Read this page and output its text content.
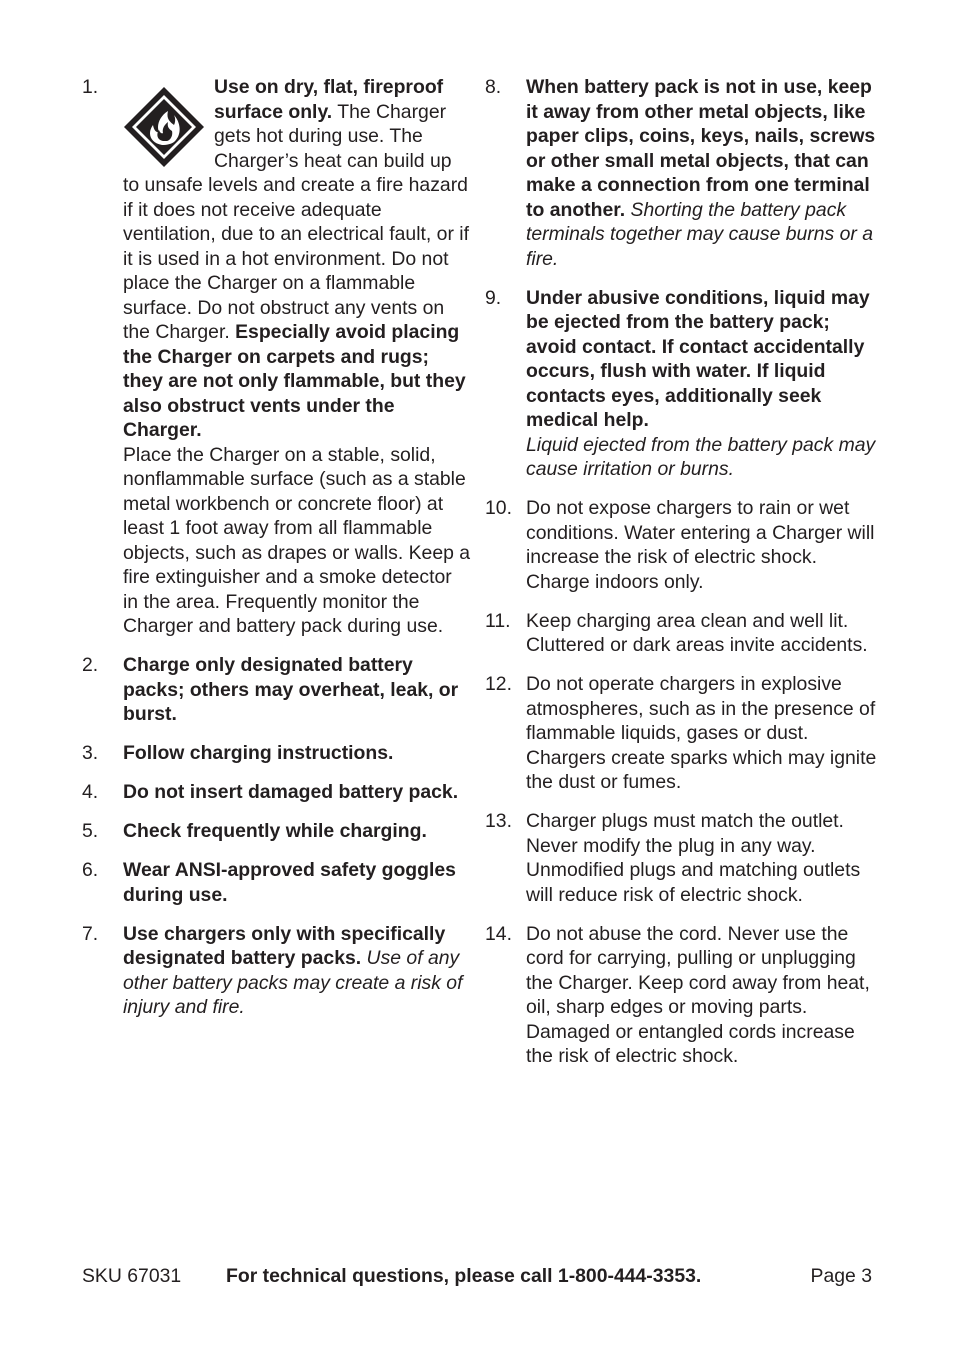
1.	Use on dry, flat, fireproof surface only. The Charger gets hot during use. The Charger’s heat can build up to unsafe levels and create a fire hazard if it does not receive adequate ventilation, due to an electrical fault, or if it is used in a hot environment. Do not place the Charger on a flammable surface. Do not obstruct any vents on the Charger. Especially avoid placing the Charger on carpets and rugs; they are not only flammable, but they also obstruct vents under the Charger.
Place the Charger on a stable, solid, nonflammable surface (such as a stable metal workbench or concrete floor) at least 1 foot away from all flammable objects, such as drapes or walls. Keep a fire extinguisher and a smoke detector in the area. Frequently monitor the Charger and battery pack during use.
2. Charge only designated battery packs; others may overheat, leak, or burst.
3. Follow charging instructions.
4. Do not insert damaged battery pack.
5. Check frequently while charging.
6. Wear ANSI-approved safety goggles during use.
7. Use chargers only with specifically designated battery packs. Use of any other battery packs may create a risk of injury and fire.
8. When battery pack is not in use, keep it away from other metal objects, like paper clips, coins, keys, nails, screws or other small metal objects, that can make a connection from one terminal to another. Shorting the battery pack terminals together may cause burns or a fire.
9. Under abusive conditions, liquid may be ejected from the battery pack; avoid contact. If contact accidentally occurs, flush with water. If liquid contacts eyes, additionally seek medical help.
Liquid ejected from the battery pack may cause irritation or burns.
10. Do not expose chargers to rain or wet conditions. Water entering a Charger will increase the risk of electric shock. Charge indoors only.
11. Keep charging area clean and well lit. Cluttered or dark areas invite accidents.
12. Do not operate chargers in explosive atmospheres, such as in the presence of flammable liquids, gases or dust. Chargers create sparks which may ignite the dust or fumes.
13. Charger plugs must match the outlet. Never modify the plug in any way. Unmodified plugs and matching outlets will reduce risk of electric shock.
14. Do not abuse the cord. Never use the cord for carrying, pulling or unplugging the Charger. Keep cord away from heat, oil, sharp edges or moving parts. Damaged or entangled cords increase the risk of electric shock.
SKU 67031 For technical questions, please call 1-800-444-3353.	Page 3
